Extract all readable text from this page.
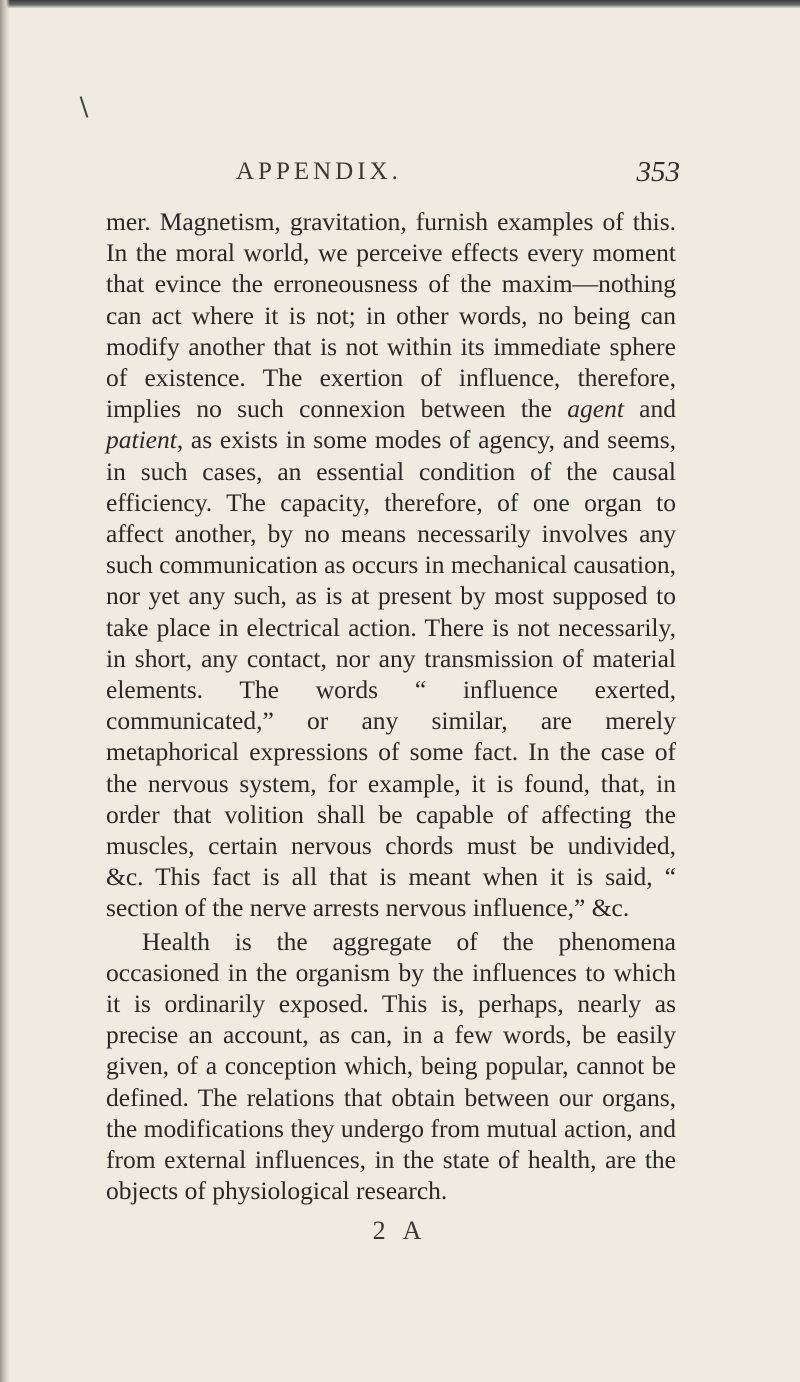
APPENDIX.	353

mer. Magnetism, gravitation, furnish examples of this. In the moral world, we perceive effects every moment that evince the erroneousness of the maxim—nothing can act where it is not; in other words, no being can modify another that is not within its immediate sphere of existence. The exertion of influence, therefore, implies no such connexion between the agent and patient, as exists in some modes of agency, and seems, in such cases, an essential condition of the causal efficiency. The capacity, therefore, of one organ to affect another, by no means necessarily involves any such communication as occurs in mechanical causation, nor yet any such, as is at present by most supposed to take place in electrical action. There is not necessarily, in short, any contact, nor any transmission of material elements. The words “ influence exerted, communicated,” or any similar, are merely metaphorical expressions of some fact. In the case of the nervous system, for example, it is found, that, in order that volition shall be capable of affecting the muscles, certain nervous chords must be undivided, &c. This fact is all that is meant when it is said, “ section of the nerve arrests nervous influence,” &c.

Health is the aggregate of the phenomena occasioned in the organism by the influences to which it is ordinarily exposed. This is, perhaps, nearly as precise an account, as can, in a few words, be easily given, of a conception which, being popular, cannot be defined. The relations that obtain between our organs, the modifications they undergo from mutual action, and from external influences, in the state of health, are the objects of physiological research.

2 A
